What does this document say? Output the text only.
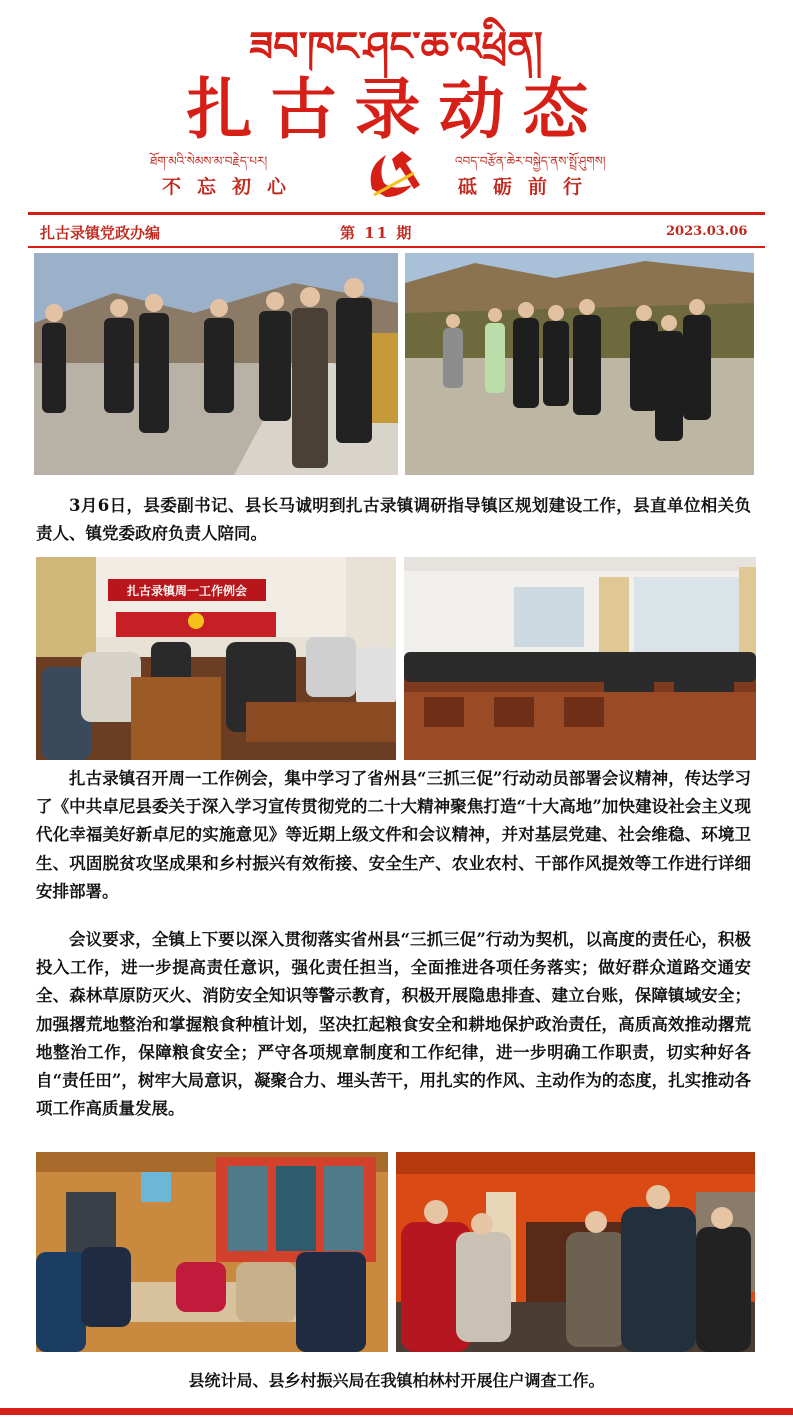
ཟབ་ཁང་ཤང་ཆ་འཕྲིན།
扎古录动态
ཐོག་མའི་སེམས་མ་བརྗེད་པར།	འབད་བརྩོན་ཆེར་བསྐྱེད་ནས་སྤྲོ་ཤུགས།
不忘初心	砥砺前行
扎古录镇党政办编	第 11 期	2023.03.06
3月6日，县委副书记、县长马诚明到扎古录镇调研指导镇区规划建设工作，县直单位相关负责人、镇党委政府负责人陪同。
扎古录镇周一工作例会
扎古录镇召开周一工作例会，集中学习了省州县“三抓三促”行动动员部署会议精神，传达学习了《中共卓尼县委关于深入学习宣传贯彻党的二十大精神聚焦打造“十大高地”加快建设社会主义现代化幸福美好新卓尼的实施意见》等近期上级文件和会议精神，并对基层党建、社会维稳、环境卫生、巩固脱贫攻坚成果和乡村振兴有效衔接、安全生产、农业农村、干部作风提效等工作进行详细安排部署。
会议要求，全镇上下要以深入贯彻落实省州县“三抓三促”行动为契机，以高度的责任心，积极投入工作，进一步提高责任意识，强化责任担当，全面推进各项任务落实；做好群众道路交通安全、森林草原防灭火、消防安全知识等警示教育，积极开展隐患排查、建立台账，保障镇域安全；加强撂荒地整治和掌握粮食种植计划，坚决扛起粮食安全和耕地保护政治责任，高质高效推动撂荒地整治工作，保障粮食安全；严守各项规章制度和工作纪律，进一步明确工作职责，切实种好各自“责任田”，树牢大局意识，凝聚合力、埋头苦干，用扎实的作风、主动作为的态度，扎实推动各项工作高质量发展。
县统计局、县乡村振兴局在我镇柏林村开展住户调查工作。
